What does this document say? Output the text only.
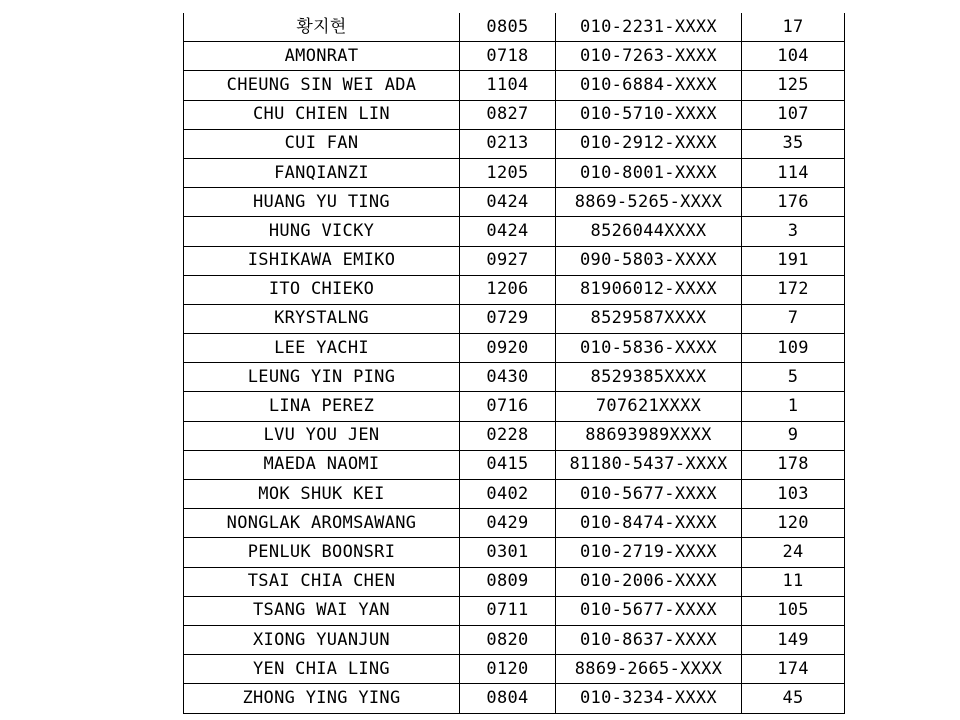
황지현	0805	010-2231-XXXX	17
AMONRAT	0718	010-7263-XXXX	104
CHEUNG SIN WEI ADA	1104	010-6884-XXXX	125
CHU CHIEN LIN	0827	010-5710-XXXX	107
CUI FAN	0213	010-2912-XXXX	35
FANQIANZI	1205	010-8001-XXXX	114
HUANG YU TING	0424	8869-5265-XXXX	176
HUNG VICKY	0424	8526044XXXX	3
ISHIKAWA EMIKO	0927	090-5803-XXXX	191
ITO CHIEKO	1206	81906012-XXXX	172
KRYSTALNG	0729	8529587XXXX	7
LEE YACHI	0920	010-5836-XXXX	109
LEUNG YIN PING	0430	8529385XXXX	5
LINA PEREZ	0716	707621XXXX	1
LVU YOU JEN	0228	88693989XXXX	9
MAEDA NAOMI	0415	81180-5437-XXXX	178
MOK SHUK KEI	0402	010-5677-XXXX	103
NONGLAK AROMSAWANG	0429	010-8474-XXXX	120
PENLUK BOONSRI	0301	010-2719-XXXX	24
TSAI CHIA CHEN	0809	010-2006-XXXX	11
TSANG WAI YAN	0711	010-5677-XXXX	105
XIONG YUANJUN	0820	010-8637-XXXX	149
YEN CHIA LING	0120	8869-2665-XXXX	174
ZHONG YING YING	0804	010-3234-XXXX	45
